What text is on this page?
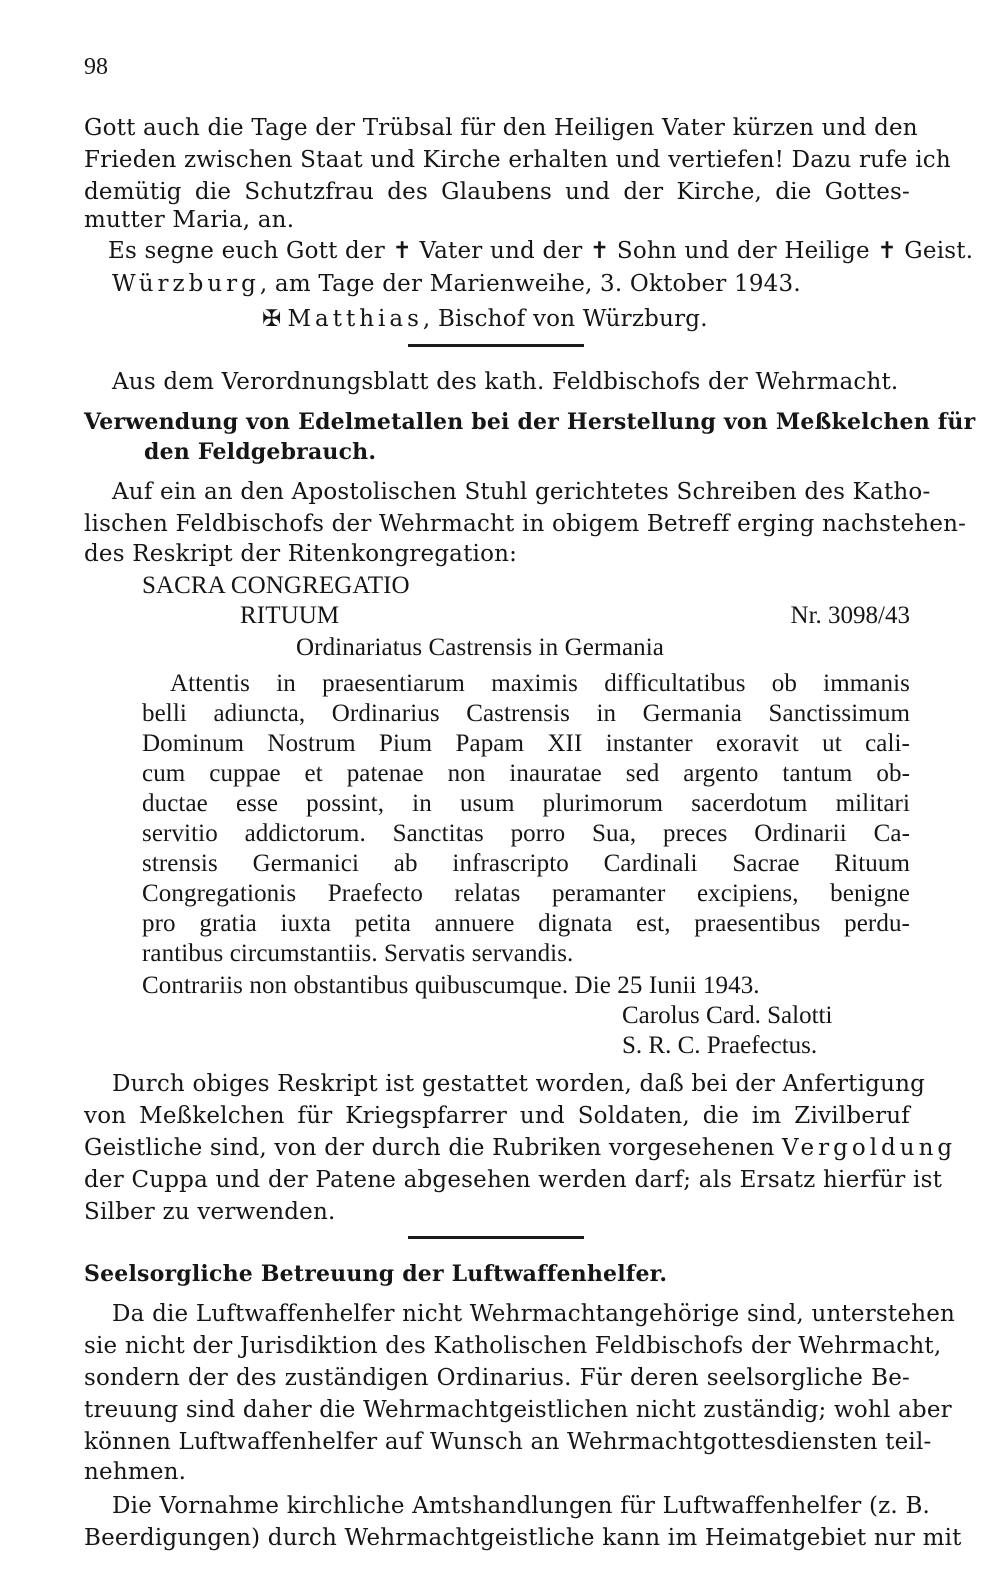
98
Gott auch die Tage der Trübsal für den Heiligen Vater kürzen und den
Frieden zwischen Staat und Kirche erhalten und vertiefen! Dazu rufe ich
demütig die Schutzfrau des Glaubens und der Kirche, die Gottes-
mutter Maria, an.
Es segne euch Gott der ✝ Vater und der ✝ Sohn und der Heilige ✝ Geist.
Würzburg, am Tage der Marienweihe, 3. Oktober 1943.
✠ Matthias, Bischof von Würzburg.
Aus dem Verordnungsblatt des kath. Feldbischofs der Wehrmacht.
Verwendung von Edelmetallen bei der Herstellung von Meßkelchen für
den Feldgebrauch.
Auf ein an den Apostolischen Stuhl gerichtetes Schreiben des Katho-
lischen Feldbischofs der Wehrmacht in obigem Betreff erging nachstehen-
des Reskript der Ritenkongregation:
SACRA CONGREGATIO
RITUUM	Nr. 3098/43
Ordinariatus Castrensis in Germania
Attentis in praesentiarum maximis difficultatibus ob immanis
belli adiuncta, Ordinarius Castrensis in Germania Sanctissimum
Dominum Nostrum Pium Papam XII instanter exoravit ut cali-
cum cuppae et patenae non inauratae sed argento tantum ob-
ductae esse possint, in usum plurimorum sacerdotum militari
servitio addictorum. Sanctitas porro Sua, preces Ordinarii Ca-
strensis Germanici ab infrascripto Cardinali Sacrae Rituum
Congregationis Praefecto relatas peramanter excipiens, benigne
pro gratia iuxta petita annuere dignata est, praesentibus perdu-
rantibus circumstantiis. Servatis servandis.
Contrariis non obstantibus quibuscumque. Die 25 Iunii 1943.
Carolus Card. Salotti
S. R. C. Praefectus.
Durch obiges Reskript ist gestattet worden, daß bei der Anfertigung
von Meßkelchen für Kriegspfarrer und Soldaten, die im Zivilberuf
Geistliche sind, von der durch die Rubriken vorgesehenen Vergoldung
der Cuppa und der Patene abgesehen werden darf; als Ersatz hierfür ist
Silber zu verwenden.
Seelsorgliche Betreuung der Luftwaffenhelfer.
Da die Luftwaffenhelfer nicht Wehrmachtangehörige sind, unterstehen
sie nicht der Jurisdiktion des Katholischen Feldbischofs der Wehrmacht,
sondern der des zuständigen Ordinarius. Für deren seelsorgliche Be-
treuung sind daher die Wehrmachtgeistlichen nicht zuständig; wohl aber
können Luftwaffenhelfer auf Wunsch an Wehrmachtgottesdiensten teil-
nehmen.
Die Vornahme kirchliche Amtshandlungen für Luftwaffenhelfer (z. B.
Beerdigungen) durch Wehrmachtgeistliche kann im Heimatgebiet nur mit
